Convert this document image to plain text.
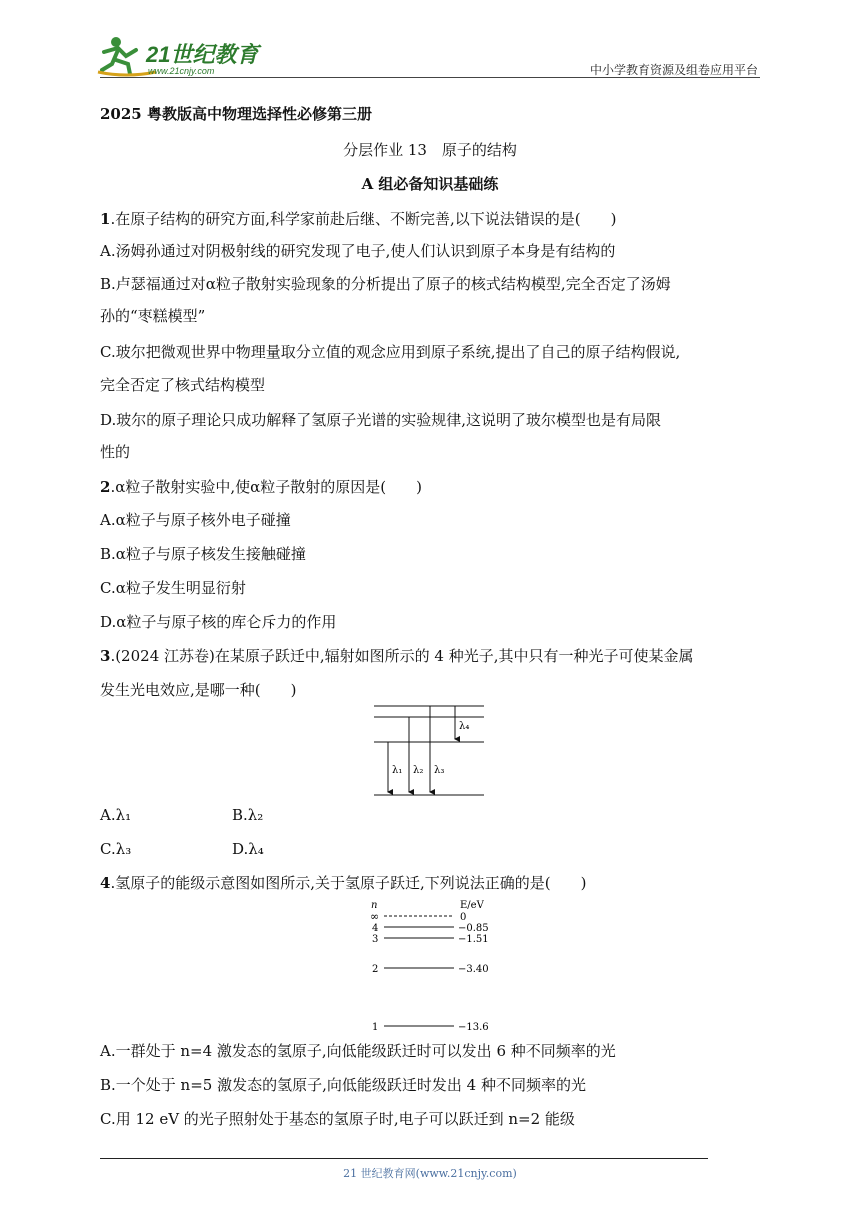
21世纪教育
www.21cnjy.com	中小学教育资源及组卷应用平台
2025 粤教版高中物理选择性必修第三册
分层作业 13　原子的结构
A 组必备知识基础练
1.在原子结构的研究方面,科学家前赴后继、不断完善,以下说法错误的是(　　)
A.汤姆孙通过对阴极射线的研究发现了电子,使人们认识到原子本身是有结构的
B.卢瑟福通过对α粒子散射实验现象的分析提出了原子的核式结构模型,完全否定了汤姆
孙的“枣糕模型”
C.玻尔把微观世界中物理量取分立值的观念应用到原子系统,提出了自己的原子结构假说,
完全否定了核式结构模型
D.玻尔的原子理论只成功解释了氢原子光谱的实验规律,这说明了玻尔模型也是有局限
性的
2.α粒子散射实验中,使α粒子散射的原因是(　　)
A.α粒子与原子核外电子碰撞
B.α粒子与原子核发生接触碰撞
C.α粒子发生明显衍射
D.α粒子与原子核的库仑斥力的作用
3.(2024 江苏卷)在某原子跃迁中,辐射如图所示的 4 种光子,其中只有一种光子可使某金属
发生光电效应,是哪一种(　　)
λ₁ λ₂ λ₃
λ₄
A.λ₁	B.λ₂
C.λ₃	D.λ₄
4.氢原子的能级示意图如图所示,关于氢原子跃迁,下列说法正确的是(　　)
n	E/eV
∞	0
4	−0.85
3	−1.51
2	−3.40
1	−13.6
A.一群处于 n=4 激发态的氢原子,向低能级跃迁时可以发出 6 种不同频率的光
B.一个处于 n=5 激发态的氢原子,向低能级跃迁时发出 4 种不同频率的光
C.用 12 eV 的光子照射处于基态的氢原子时,电子可以跃迁到 n=2 能级
21 世纪教育网(www.21cnjy.com)
